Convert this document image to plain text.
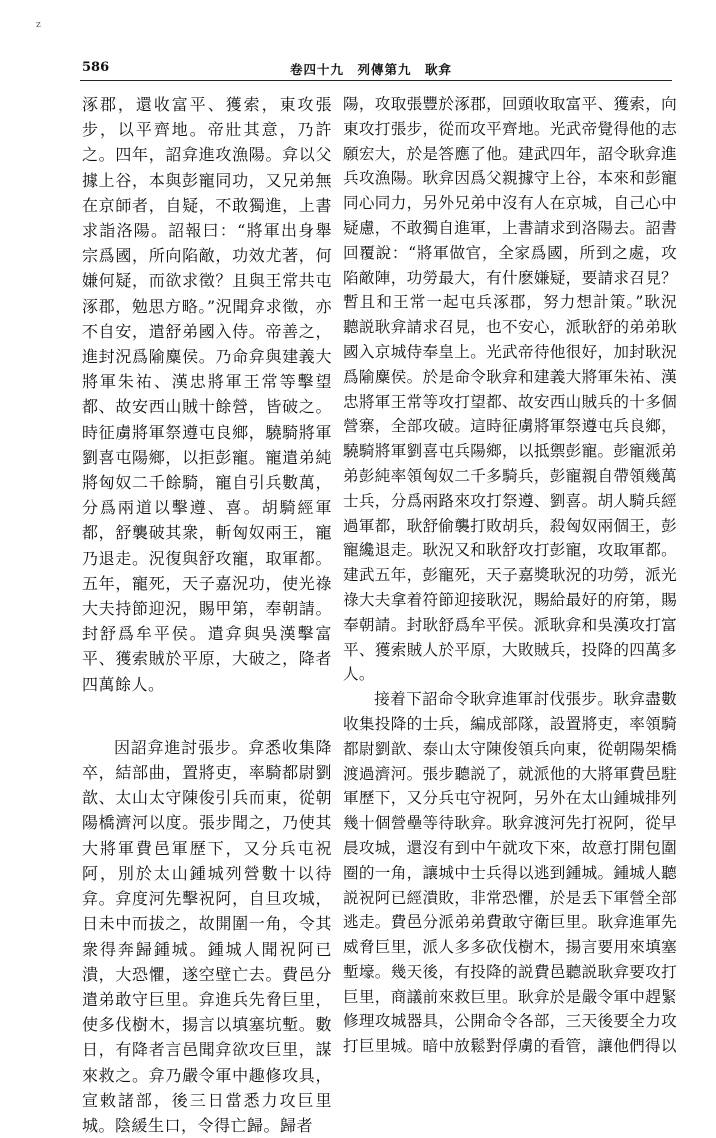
z
586	卷四十九　列傳第九　耿弇

涿郡，還收富平、獲索，東攻張步，以平齊地。帝壯其意，乃許之。四年，詔弇進攻漁陽。弇以父據上谷，本與彭寵同功，又兄弟無在京師者，自疑，不敢獨進，上書求詣洛陽。詔報曰：“將軍出身舉宗爲國，所向陷敵，功效尤著，何嫌何疑，而欲求徵？且與王常共屯涿郡，勉思方略。”況聞弇求徵，亦不自安，遣舒弟國入侍。帝善之，進封況爲隃麋侯。乃命弇與建義大將軍朱祐、漢忠將軍王常等擊望都、故安西山賊十餘營，皆破之。時征虜將軍祭遵屯良鄉，驍騎將軍劉喜屯陽鄉，以拒彭寵。寵遣弟純將匈奴二千餘騎，寵自引兵數萬，分爲兩道以擊遵、喜。胡騎經軍都，舒襲破其衆，斬匈奴兩王，寵乃退走。況復與舒攻寵，取軍都。五年，寵死，天子嘉況功，使光祿大夫持節迎況，賜甲第，奉朝請。封舒爲牟平侯。遣弇與吳漢擊富平、獲索賊於平原，大破之，降者四萬餘人。

因詔弇進討張步。弇悉收集降卒，結部曲，置將吏，率騎都尉劉歆、太山太守陳俊引兵而東，從朝陽橋濟河以度。張步聞之，乃使其大將軍費邑軍歷下，又分兵屯祝阿，別於太山鍾城列營數十以待弇。弇度河先擊祝阿，自旦攻城，日未中而拔之，故開圍一角，令其衆得奔歸鍾城。鍾城人聞祝阿已潰，大恐懼，遂空壁亡去。費邑分遣弟敢守巨里。弇進兵先脅巨里，使多伐樹木，揚言以填塞坑塹。數日，有降者言邑聞弇欲攻巨里，謀來救之。弇乃嚴令軍中趣修攻具，宣敕諸部，後三日當悉力攻巨里城。陰緩生口，令得亡歸。歸者

陽，攻取張豐於涿郡，回頭收取富平、獲索，向東攻打張步，從而攻平齊地。光武帝覺得他的志願宏大，於是答應了他。建武四年，詔令耿弇進兵攻漁陽。耿弇因爲父親據守上谷，本來和彭寵同心同力，另外兄弟中沒有人在京城，自己心中疑慮，不敢獨自進軍，上書請求到洛陽去。詔書回覆說：“將軍做官，全家爲國，所到之處，攻陷敵陣，功勞最大，有什麽嫌疑，要請求召見？暫且和王常一起屯兵涿郡，努力想計策。”耿況聽説耿弇請求召見，也不安心，派耿舒的弟弟耿國入京城侍奉皇上。光武帝待他很好，加封耿況爲隃麋侯。於是命令耿弇和建義大將軍朱祐、漢忠將軍王常等攻打望都、故安西山賊兵的十多個營寨，全部攻破。這時征虜將軍祭遵屯兵良鄉，驍騎將軍劉喜屯兵陽鄉，以抵禦彭寵。彭寵派弟弟彭純率領匈奴二千多騎兵，彭寵親自帶領幾萬士兵，分爲兩路來攻打祭遵、劉喜。胡人騎兵經過軍都，耿舒偷襲打敗胡兵，殺匈奴兩個王，彭寵纔退走。耿況又和耿舒攻打彭寵，攻取軍都。建武五年，彭寵死，天子嘉獎耿況的功勞，派光祿大夫拿着符節迎接耿況，賜給最好的府第，賜奉朝請。封耿舒爲牟平侯。派耿弇和吳漢攻打富平、獲索賊人於平原，大敗賊兵，投降的四萬多人。

接着下詔命令耿弇進軍討伐張步。耿弇盡數收集投降的士兵，編成部隊，設置將吏，率領騎都尉劉歆、泰山太守陳俊領兵向東，從朝陽架橋渡過濟河。張步聽説了，就派他的大將軍費邑駐軍歷下，又分兵屯守祝阿，另外在太山鍾城排列幾十個營壘等待耿弇。耿弇渡河先打祝阿，從早晨攻城，還沒有到中午就攻下來，故意打開包圍圈的一角，讓城中士兵得以逃到鍾城。鍾城人聽説祝阿已經潰敗，非常恐懼，於是丢下軍營全部逃走。費邑分派弟弟費敢守衛巨里。耿弇進軍先威脅巨里，派人多多砍伐樹木，揚言要用來填塞塹壕。幾天後，有投降的説費邑聽説耿弇要攻打巨里，商議前來救巨里。耿弇於是嚴令軍中趕緊修理攻城器具，公開命令各部，三天後要全力攻打巨里城。暗中放鬆對俘虜的看管，讓他們得以
